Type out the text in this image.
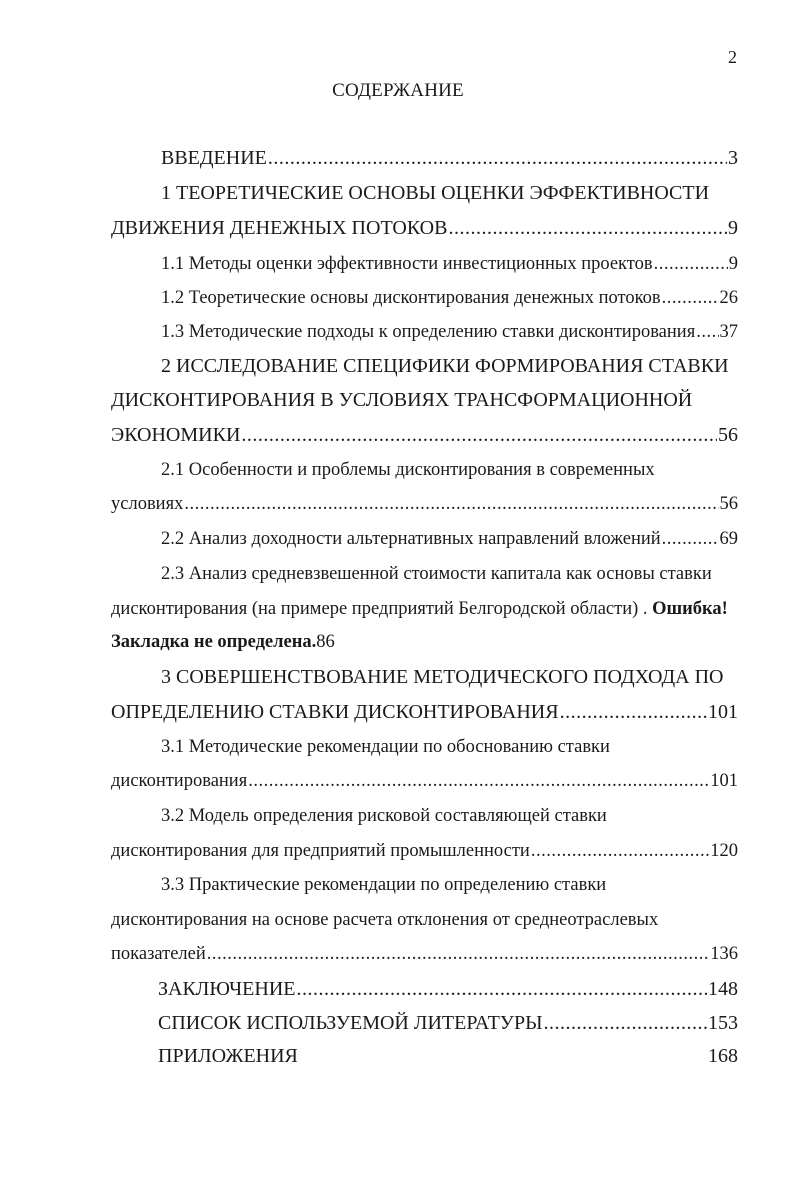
2
СОДЕРЖАНИЕ
ВВЕДЕНИЕ .....	3
1 ТЕОРЕТИЧЕСКИЕ ОСНОВЫ ОЦЕНКИ ЭФФЕКТИВНОСТИ
ДВИЖЕНИЯ ДЕНЕЖНЫХ ПОТОКОВ .....	9
1.1 Методы оценки эффективности инвестиционных проектов .....	9
1.2 Теоретические основы дисконтирования денежных потоков .....	26
1.3 Методические подходы к определению ставки дисконтирования ..... 37
2 ИССЛЕДОВАНИЕ СПЕЦИФИКИ ФОРМИРОВАНИЯ СТАВКИ
ДИСКОНТИРОВАНИЯ В УСЛОВИЯХ ТРАНСФОРМАЦИОННОЙ
ЭКОНОМИКИ .....	56
2.1 Особенности и проблемы дисконтирования в современных
условиях .....	56
2.2 Анализ доходности альтернативных направлений вложений .....	69
2.3 Анализ средневзвешенной стоимости капитала как основы ставки
дисконтирования (на примере предприятий Белгородской области) . Ошибка!
Закладка не определена.86
3 СОВЕРШЕНСТВОВАНИЕ МЕТОДИЧЕСКОГО ПОДХОДА ПО
ОПРЕДЕЛЕНИЮ СТАВКИ ДИСКОНТИРОВАНИЯ .....	101
3.1 Методические рекомендации по обоснованию ставки
дисконтирования .....	101
3.2 Модель определения рисковой составляющей ставки
дисконтирования для предприятий промышленности .....	120
3.3 Практические рекомендации по определению ставки
дисконтирования на основе расчета отклонения от среднеотраслевых
показателей .....	136
ЗАКЛЮЧЕНИЕ .....	148
СПИСОК ИСПОЛЬЗУЕМОЙ ЛИТЕРАТУРЫ .....	153
ПРИЛОЖЕНИЯ	168
